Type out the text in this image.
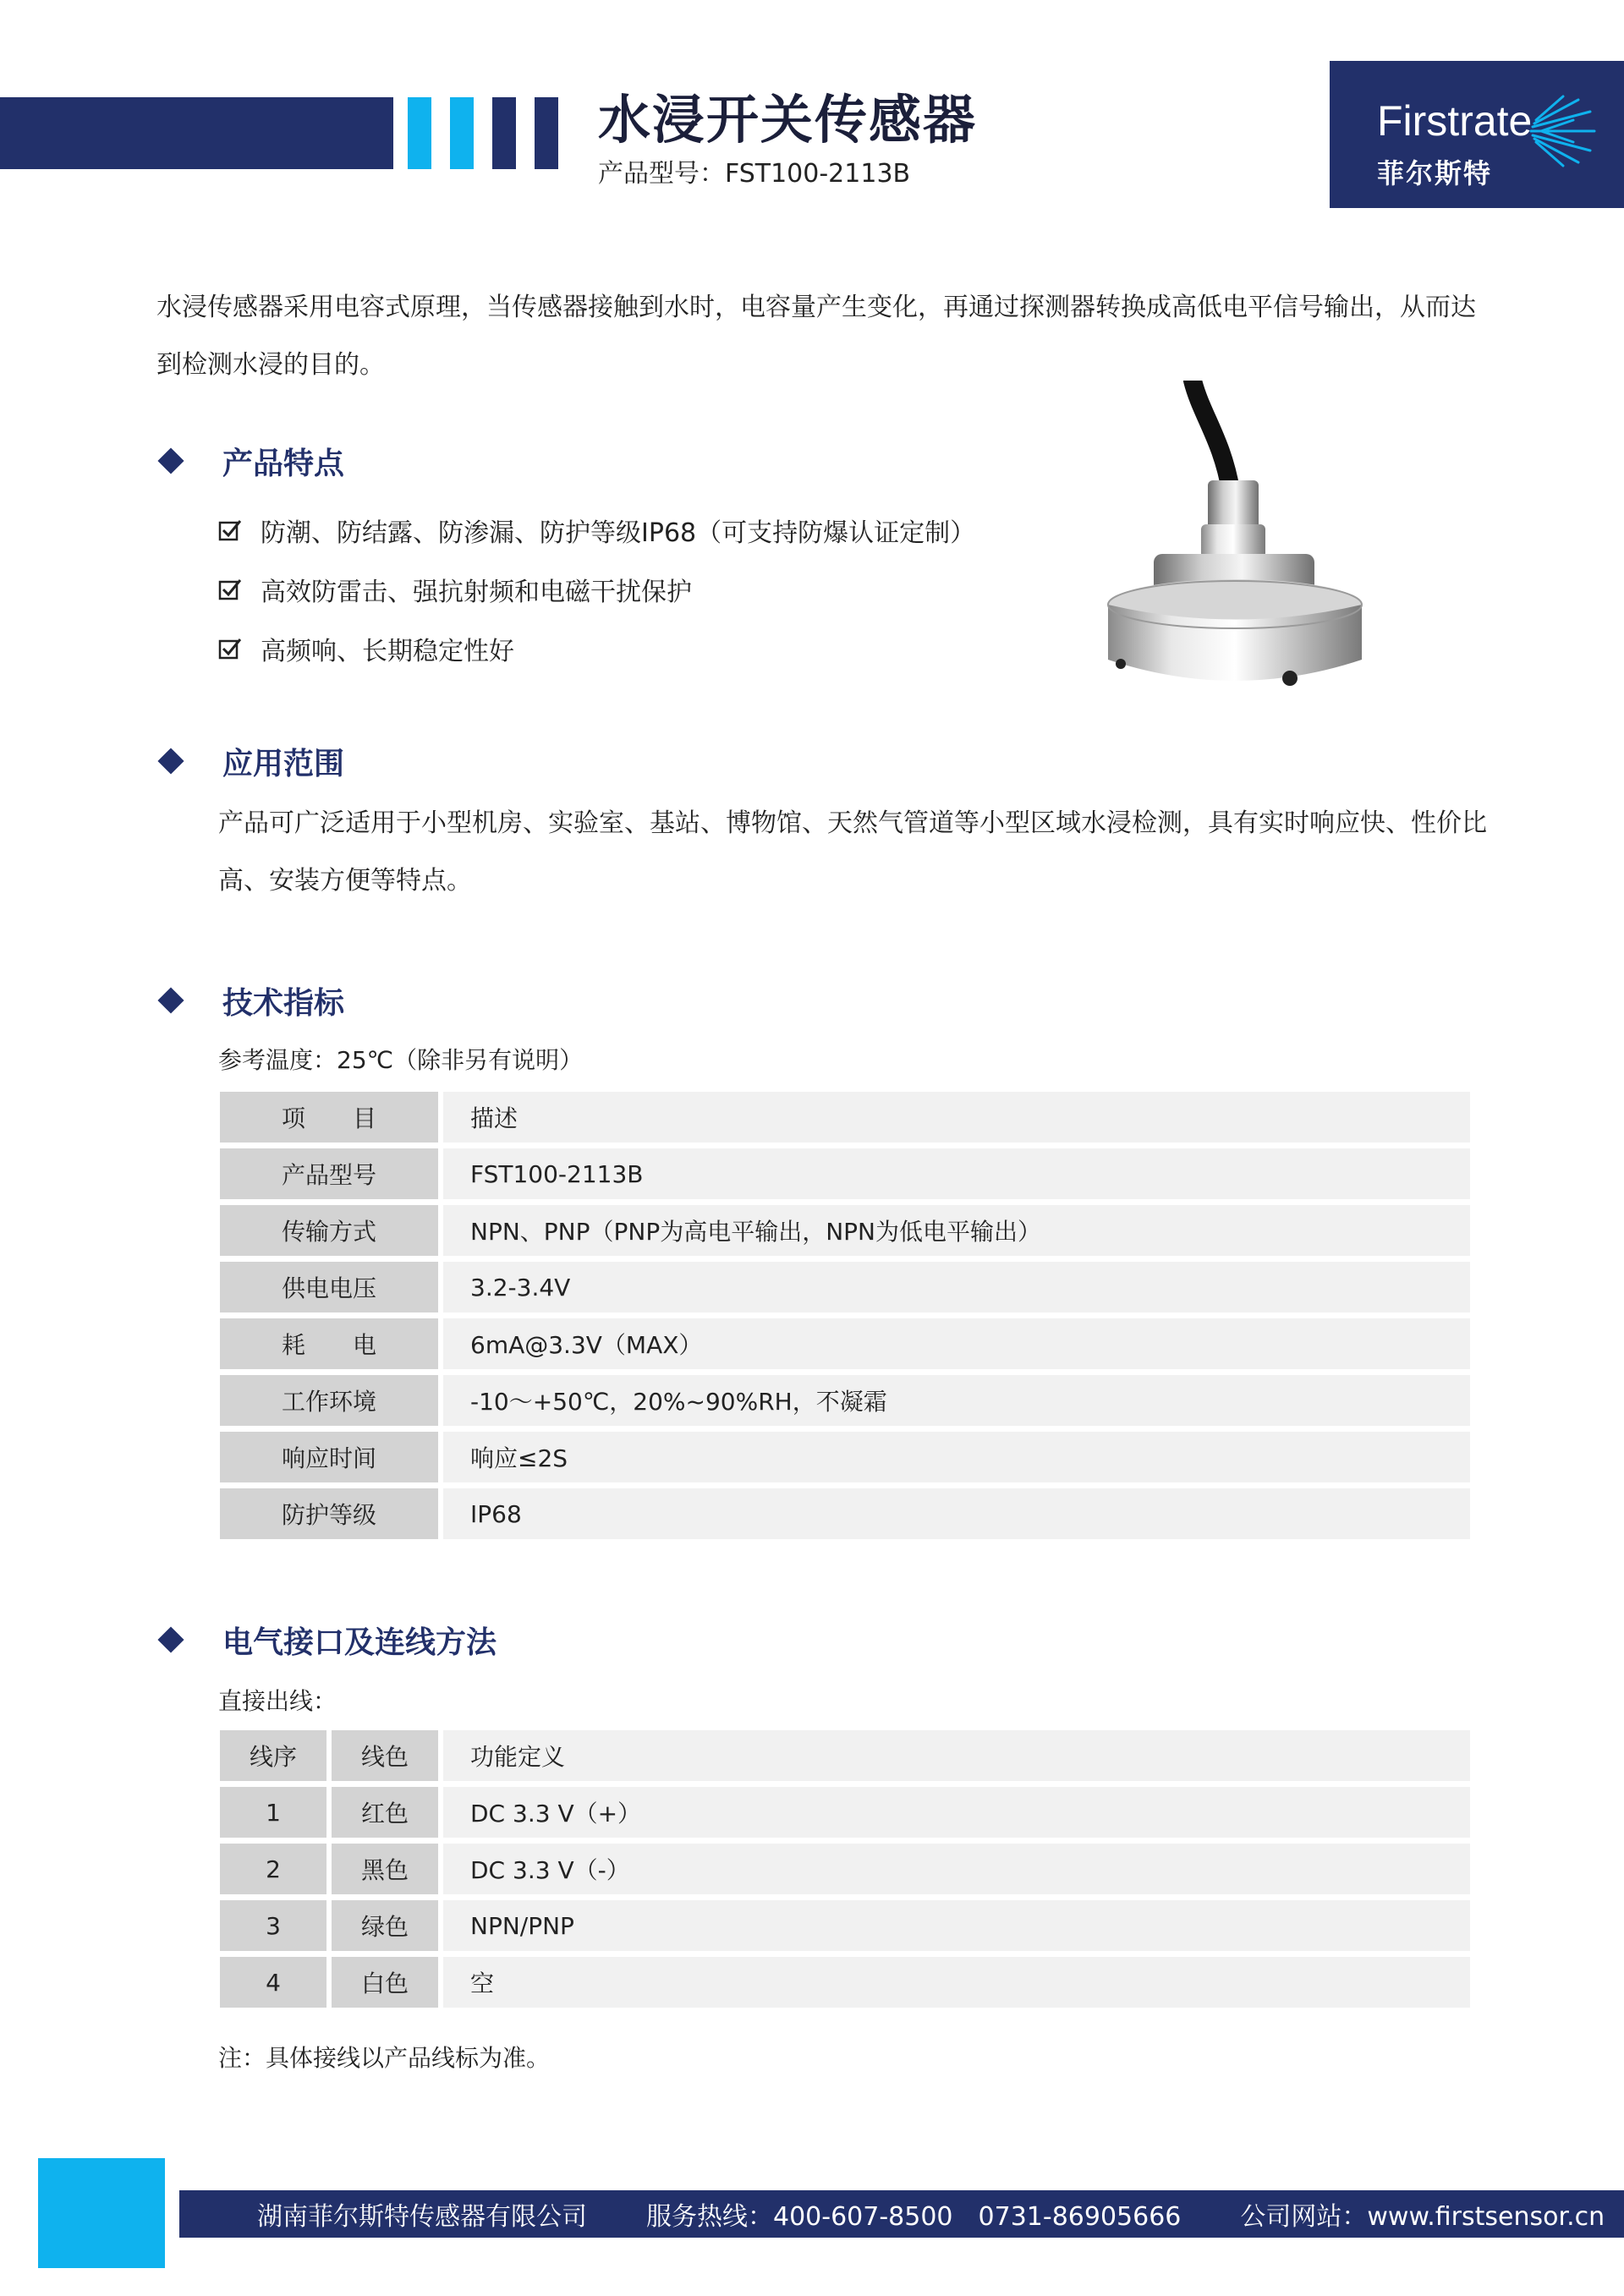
水浸开关传感器
产品型号：FST100-2113B
Firstrate
菲尔斯特
水浸传感器采用电容式原理，当传感器接触到水时，电容量产生变化，再通过探测器转换成高低电平信号输出，从而达到检测水浸的目的。
产品特点
防潮、防结露、防渗漏、防护等级IP68（可支持防爆认证定制）
高效防雷击、强抗射频和电磁干扰保护
高频响、长期稳定性好
应用范围
产品可广泛适用于小型机房、实验室、基站、博物馆、天然气管道等小型区域水浸检测，具有实时响应快、性价比高、安装方便等特点。
技术指标
参考温度：25℃（除非另有说明）
项　　目	描述
产品型号	FST100-2113B
传输方式	NPN、PNP（PNP为高电平输出，NPN为低电平输出）
供电电压	3.2-3.4V
耗　　电	6mA@3.3V（MAX）
工作环境	-10～+50℃，20%~90%RH，不凝霜
响应时间	响应≤2S
防护等级	IP68
电气接口及连线方法
直接出线：
线序	线色	功能定义
1	红色	DC 3.3 V（+）
2	黑色	DC 3.3 V（-）
3	绿色	NPN/PNP
4	白色	空
注：具体接线以产品线标为准。
湖南菲尔斯特传感器有限公司 服务热线：400-607-8500　0731-86905666 公司网站：www.firstsensor.cn
